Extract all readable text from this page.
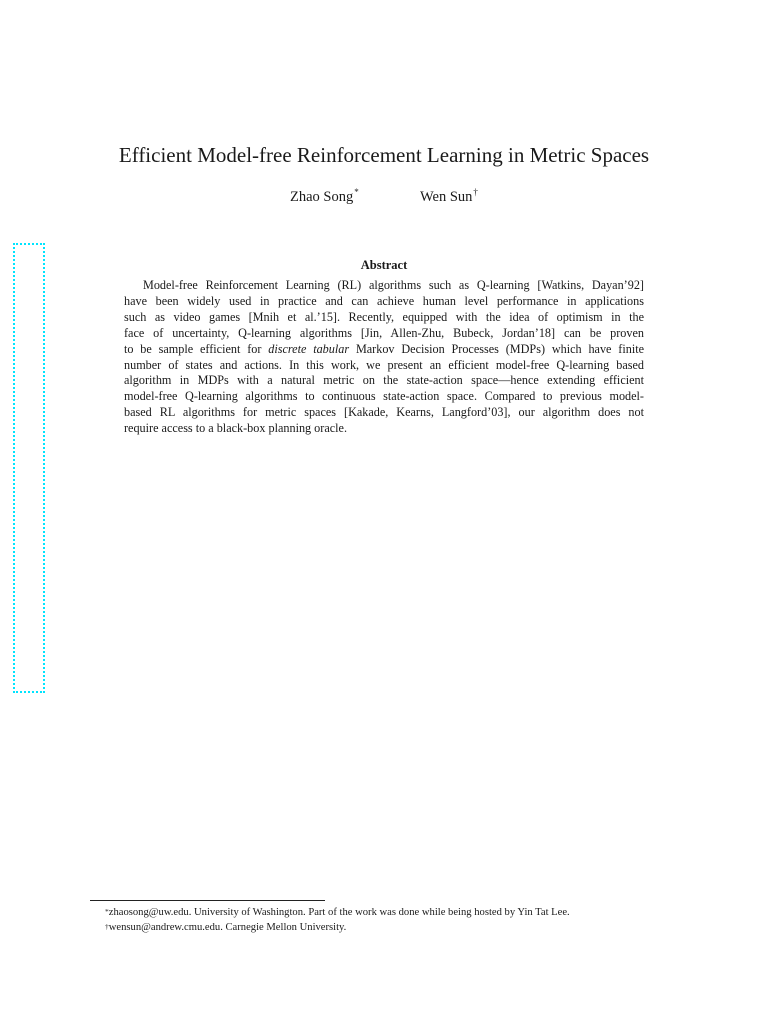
Efficient Model-free Reinforcement Learning in Metric Spaces
Zhao Song*	Wen Sun†
Abstract
Model-free Reinforcement Learning (RL) algorithms such as Q-learning [Watkins, Dayan’92]
have been widely used in practice and can achieve human level performance in applications
such as video games [Mnih et al.’15]. Recently, equipped with the idea of optimism in the
face of uncertainty, Q-learning algorithms [Jin, Allen-Zhu, Bubeck, Jordan’18] can be proven
to be sample efficient for discrete tabular Markov Decision Processes (MDPs) which have finite
number of states and actions. In this work, we present an efficient model-free Q-learning based
algorithm in MDPs with a natural metric on the state-action space—hence extending efficient
model-free Q-learning algorithms to continuous state-action space. Compared to previous model-
based RL algorithms for metric spaces [Kakade, Kearns, Langford’03], our algorithm does not
require access to a black-box planning oracle.
*zhaosong@uw.edu. University of Washington. Part of the work was done while being hosted by Yin Tat Lee.
†wensun@andrew.cmu.edu. Carnegie Mellon University.
